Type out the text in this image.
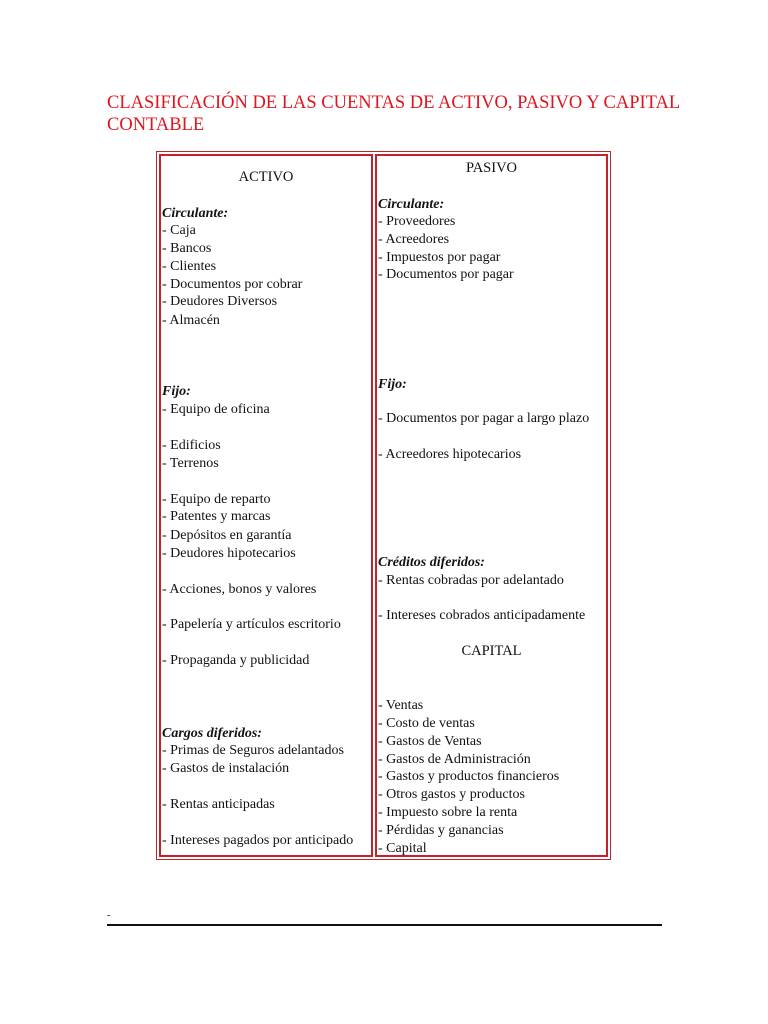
CLASIFICACIÓN DE LAS CUENTAS DE ACTIVO, PASIVO Y CAPITAL CONTABLE
ACTIVO
Circulante:
- Caja
- Bancos
- Clientes
- Documentos por cobrar
- Deudores Diversos
- Almacén
Fijo:
- Equipo de oficina
- Edificios
- Terrenos
- Equipo de reparto
- Patentes y marcas
- Depósitos en garantía
- Deudores hipotecarios
- Acciones, bonos y valores
- Papelería y artículos escritorio
- Propaganda y publicidad
Cargos diferidos:
- Primas de Seguros adelantados
- Gastos de instalación
- Rentas anticipadas
- Intereses pagados por anticipado
PASIVO
Circulante:
- Proveedores
- Acreedores
- Impuestos por pagar
- Documentos por pagar
Fijo:
- Documentos por pagar a largo plazo
- Acreedores hipotecarios
Créditos diferidos:
- Rentas cobradas por adelantado
- Intereses cobrados anticipadamente
CAPITAL
- Ventas
- Costo de ventas
- Gastos de Ventas
- Gastos de Administración
- Gastos y productos financieros
- Otros gastos y productos
- Impuesto sobre la renta
- Pérdidas y ganancias
- Capital
-
